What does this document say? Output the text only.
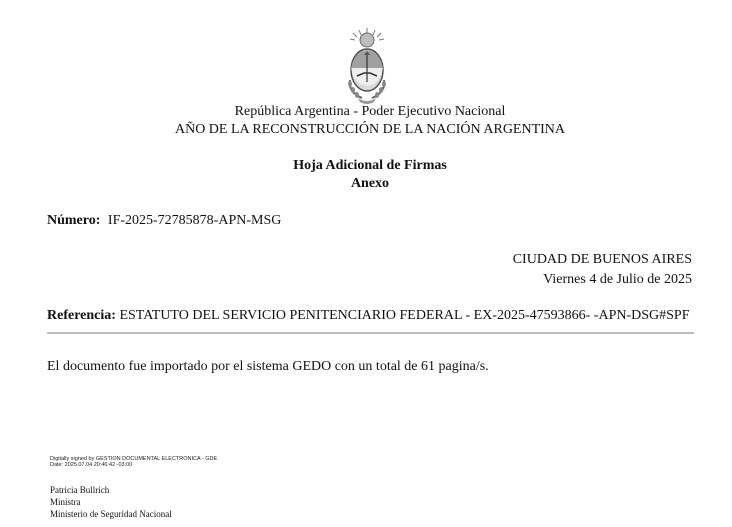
República Argentina - Poder Ejecutivo Nacional
AÑO DE LA RECONSTRUCCIÓN DE LA NACIÓN ARGENTINA
Hoja Adicional de Firmas
Anexo
Número: IF-2025-72785878-APN-MSG
CIUDAD DE BUENOS AIRES
Viernes 4 de Julio de 2025
Referencia: ESTATUTO DEL SERVICIO PENITENCIARIO FEDERAL - EX-2025-47593866- -APN-DSG#SPF
El documento fue importado por el sistema GEDO con un total de 61 pagina/s.
Digitally signed by GESTION DOCUMENTAL ELECTRONICA - GDE
Date: 2025.07.04 20:46:42 -03:00
Patricia Bullrich
Ministra
Ministerio de Seguridad Nacional
